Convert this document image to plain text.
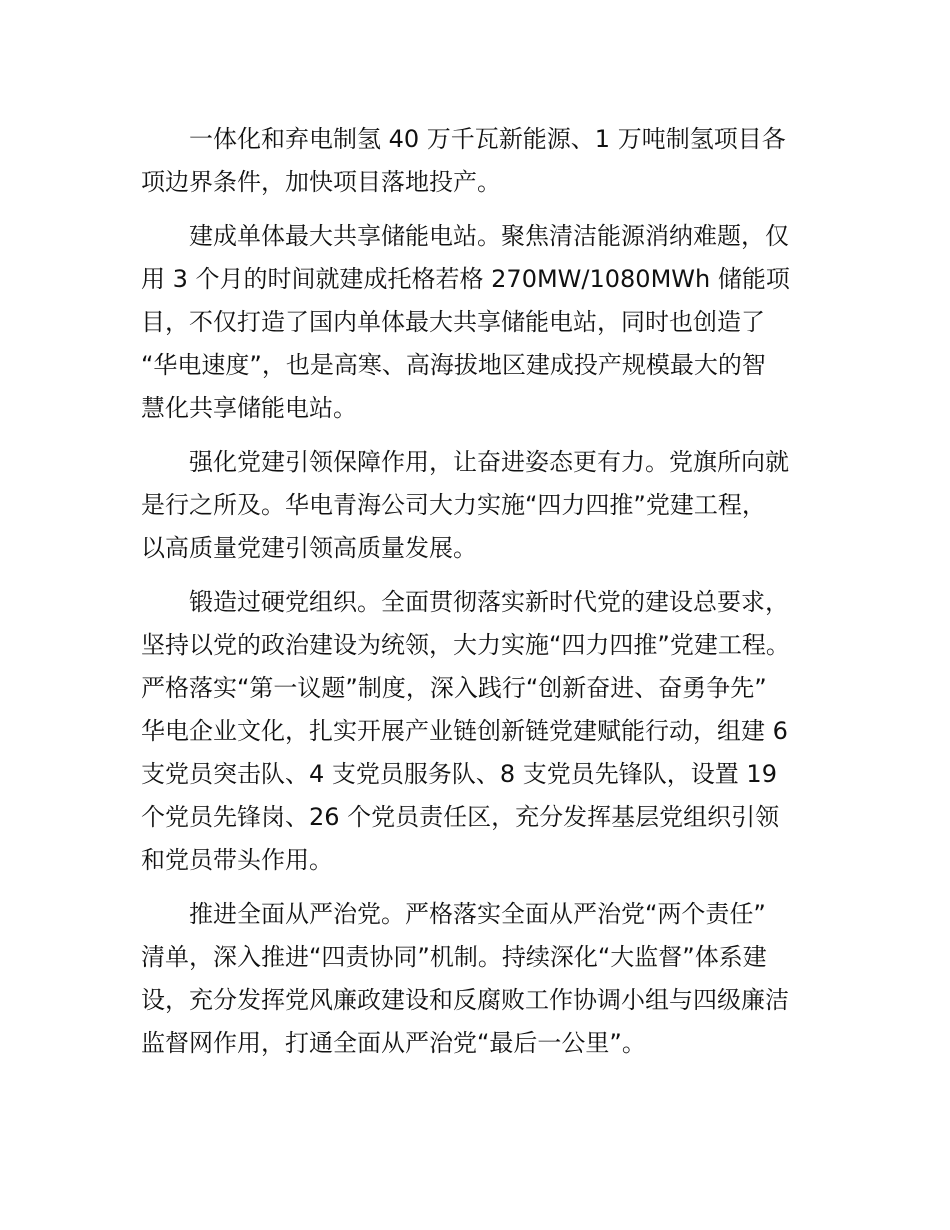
一体化和弃电制氢 40 万千瓦新能源、1 万吨制氢项目各
项边界条件，加快项目落地投产。

建成单体最大共享储能电站。聚焦清洁能源消纳难题，仅
用 3 个月的时间就建成托格若格 270MW/1080MWh 储能项
目，不仅打造了国内单体最大共享储能电站，同时也创造了
“华电速度”，也是高寒、高海拔地区建成投产规模最大的智
慧化共享储能电站。

强化党建引领保障作用，让奋进姿态更有力。党旗所向就
是行之所及。华电青海公司大力实施“四力四推”党建工程，
以高质量党建引领高质量发展。

锻造过硬党组织。全面贯彻落实新时代党的建设总要求，
坚持以党的政治建设为统领，大力实施“四力四推”党建工程。
严格落实“第一议题”制度，深入践行“创新奋进、奋勇争先”
华电企业文化，扎实开展产业链创新链党建赋能行动，组建 6
支党员突击队、4 支党员服务队、8 支党员先锋队，设置 19
个党员先锋岗、26 个党员责任区，充分发挥基层党组织引领
和党员带头作用。

推进全面从严治党。严格落实全面从严治党“两个责任”
清单，深入推进“四责协同”机制。持续深化“大监督”体系建
设，充分发挥党风廉政建设和反腐败工作协调小组与四级廉洁
监督网作用，打通全面从严治党“最后一公里”。
